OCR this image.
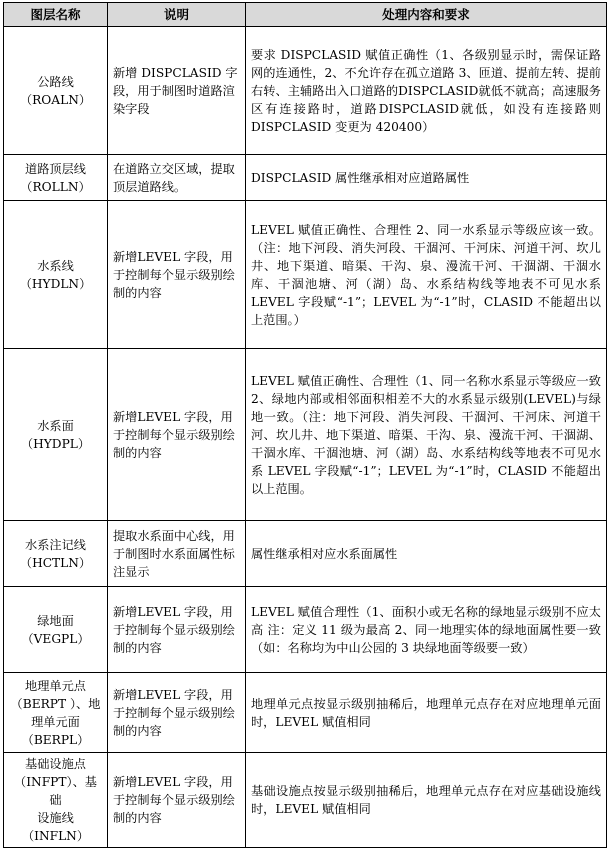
图层名称	说明	处理内容和要求

公路线
（ROALN）	新增 DISPCLASID 字段，用于制图时道路渲染字段	要求 DISPCLASID 赋值正确性（1、各级别显示时，需保证路网的连通性，2、不允许存在孤立道路 3、匝道、提前左转、提前右转、主辅路出入口道路的DISPCLASID就低不就高；高速服务区有连接路时，道路DISPCLASID就低，如没有连接路则 DISPCLASID 变更为 420400）

道路顶层线
（ROLLN）	在道路立交区域，提取顶层道路线。	DISPCLASID 属性继承相对应道路属性

水系线
（HYDLN）	新增LEVEL 字段，用于控制每个显示级别绘制的内容	LEVEL 赋值正确性、合理性 2、同一水系显示等级应该一致。（注：地下河段、消失河段、干涸河、干河床、河道干河、坎儿井、地下渠道、暗渠、干沟、泉、漫流干河、干涸湖、干涸水库、干涸池塘、河（湖）岛、水系结构线等地表不可见水系 LEVEL 字段赋“-1”；LEVEL 为“-1”时，CLASID 不能超出以上范围。）

水系面
（HYDPL）	新增LEVEL 字段，用于控制每个显示级别绘制的内容	LEVEL 赋值正确性、合理性（1、同一名称水系显示等级应一致 2、绿地内部或相邻面积相差不大的水系显示级别(LEVEL)与绿地一致。（注：地下河段、消失河段、干涸河、干河床、河道干河、坎儿井、地下渠道、暗渠、干沟、泉、漫流干河、干涸湖、干涸水库、干涸池塘、河（湖）岛、水系结构线等地表不可见水系 LEVEL 字段赋“-1”；LEVEL 为“-1”时，CLASID 不能超出以上范围。

水系注记线
（HCTLN）	提取水系面中心线，用于制图时水系面属性标注显示	属性继承相对应水系面属性

绿地面
（VEGPL）	新增LEVEL 字段，用于控制每个显示级别绘制的内容	LEVEL 赋值合理性（1、面积小或无名称的绿地显示级别不应太高 注：定义 11 级为最高 2、同一地理实体的绿地面属性要一致（如：名称均为中山公园的 3 块绿地面等级要一致）

地理单元点
（BERPT ）、地
理单元面
（BERPL）	新增LEVEL 字段，用于控制每个显示级别绘制的内容	地理单元点按显示级别抽稀后，地理单元点存在对应地理单元面时，LEVEL 赋值相同

基础设施点
（INFPT）、基础
设施线
（INFLN）	新增LEVEL 字段，用于控制每个显示级别绘制的内容	基础设施点按显示级别抽稀后，地理单元点存在对应基础设施线时，LEVEL 赋值相同
